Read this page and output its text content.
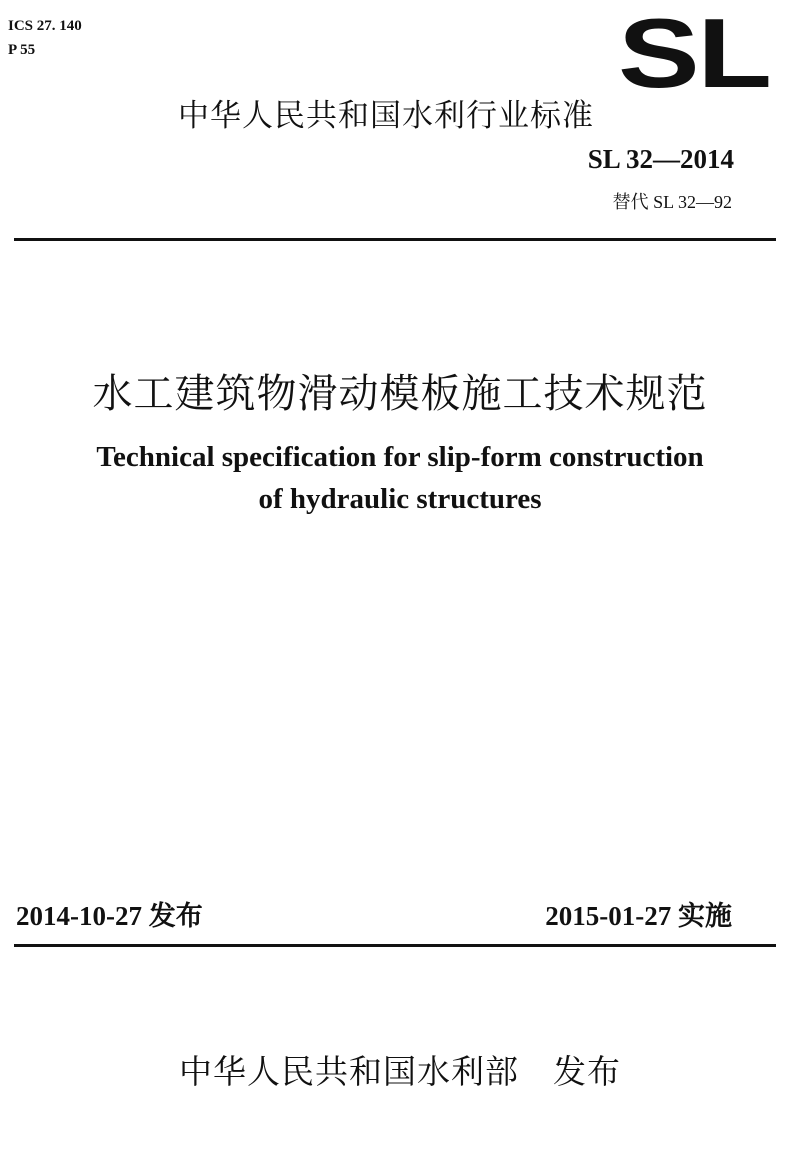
ICS 27. 140
P 55	SL
中华人民共和国水利行业标准
SL 32—2014
替代 SL 32—92
水工建筑物滑动模板施工技术规范
Technical specification for slip-form construction
of hydraulic structures
2014-10-27 发布	2015-01-27 实施
中华人民共和国水利部　发布
